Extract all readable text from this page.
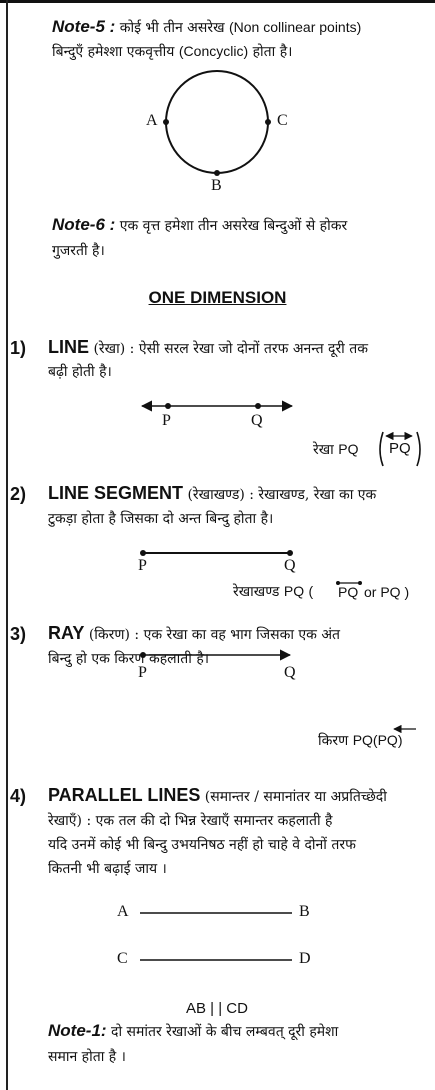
Note-5 : कोई भी तीन असरेख (Non collinear points)
बिन्दुएँ हमेश्शा एकवृत्तीय (Concyclic) होता है।
A	C
B
Note-6 : एक वृत्त हमेशा तीन असरेख बिन्दुओं से होकर
गुजरती है।
ONE DIMENSION
1) LINE (रेखा) : ऐसी सरल रेखा जो दोनों तरफ अनन्त दूरी तक
बढ़ी होती है।
P	Q
रेखा PQ PQ
2) LINE SEGMENT (रेखाखण्ड) : रेखाखण्ड, रेखा का एक
टुकड़ा होता है जिसका दो अन्त बिन्दु होता है।
P	Q
रेखाखण्ड PQ ( PQ or PQ )
3) RAY (किरण) : एक रेखा का वह भाग जिसका एक अंत
बिन्दु हो एक किरण कहलाती है।
P	Q
किरण PQ(PQ)
4) PARALLEL LINES (समान्तर / समानांतर या अप्रतिच्छेदी
रेखाएँ) : एक तल की दो भिन्न रेखाएँ समान्तर कहलाती है
यदि उनमें कोई भी बिन्दु उभयनिषठ नहीं हो चाहे वे दोनों तरफ
कितनी भी बढ़ाई जाय ।
A	B
C	D
AB | | CD
Note-1: दो समांतर रेखाओं के बीच लम्बवत् दूरी हमेशा
समान होता है ।
